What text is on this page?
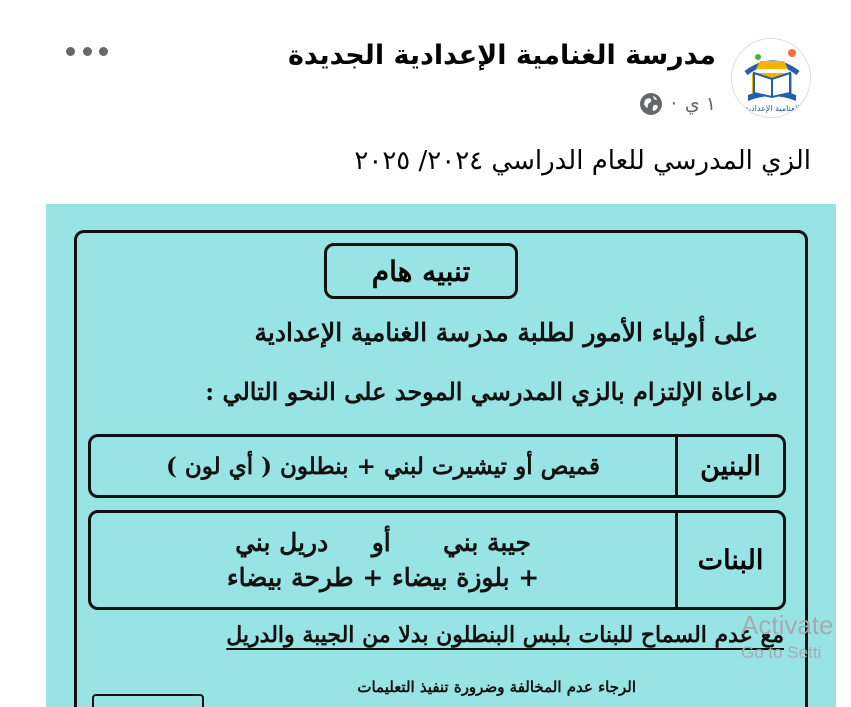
الغنامية الإعدادية
مدرسة الغنامية الإعدادية الجديدة
١ ي
·
الزي المدرسي للعام الدراسي ٢٠٢٤/ ٢٠٢٥
تنبيه هام
على أولياء الأمور لطلبة مدرسة الغنامية الإعدادية
مراعاة الإلتزام بالزي المدرسي الموحد على النحو التالي :
البنين
قميص أو تيشيرت لبني + بنطلون ( أي لون )
البنات
جيبة بني      أو     دريل بني
+ بلوزة بيضاء + طرحة بيضاء
مع عدم السماح للبنات بلبس البنطلون بدلا من الجيبة والدريل
الرجاء عدم المخالفة وضرورة تنفيذ التعليمات
Activate
Go to Setti
